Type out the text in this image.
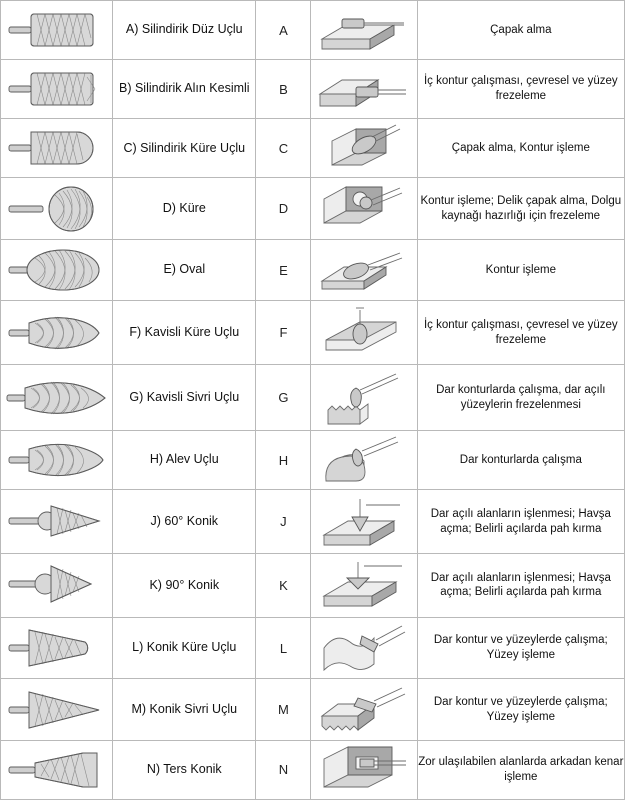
	A) Silindirik Düz Uçlu	A		Çapak alma

	B) Silindirik Alın Kesimli	B		İç kontur çalışması, çevresel ve yüzey frezeleme

	C) Silindirik Küre Uçlu	C		Çapak alma, Kontur işleme

	D) Küre	D		Kontur işleme; Delik çapak alma, Dolgu kaynağı hazırlığı için frezeleme

	E) Oval	E		Kontur işleme

	F) Kavisli Küre Uçlu	F		İç kontur çalışması, çevresel ve yüzey frezeleme

	G) Kavisli Sivri Uçlu	G		Dar konturlarda çalışma, dar açılı yüzeylerin frezelenmesi

	H) Alev Uçlu	H		Dar konturlarda çalışma

	J) 60° Konik	J		Dar açılı alanların işlenmesi; Havşa açma; Belirli açılarda pah kırma

	K) 90° Konik	K		Dar açılı alanların işlenmesi; Havşa açma; Belirli açılarda pah kırma

	L) Konik Küre Uçlu	L		Dar kontur ve yüzeylerde çalışma; Yüzey işleme

	M) Konik Sivri Uçlu	M		Dar kontur ve yüzeylerde çalışma; Yüzey işleme

	N) Ters Konik	N		Zor ulaşılabilen alanlarda arkadan kenar işleme
